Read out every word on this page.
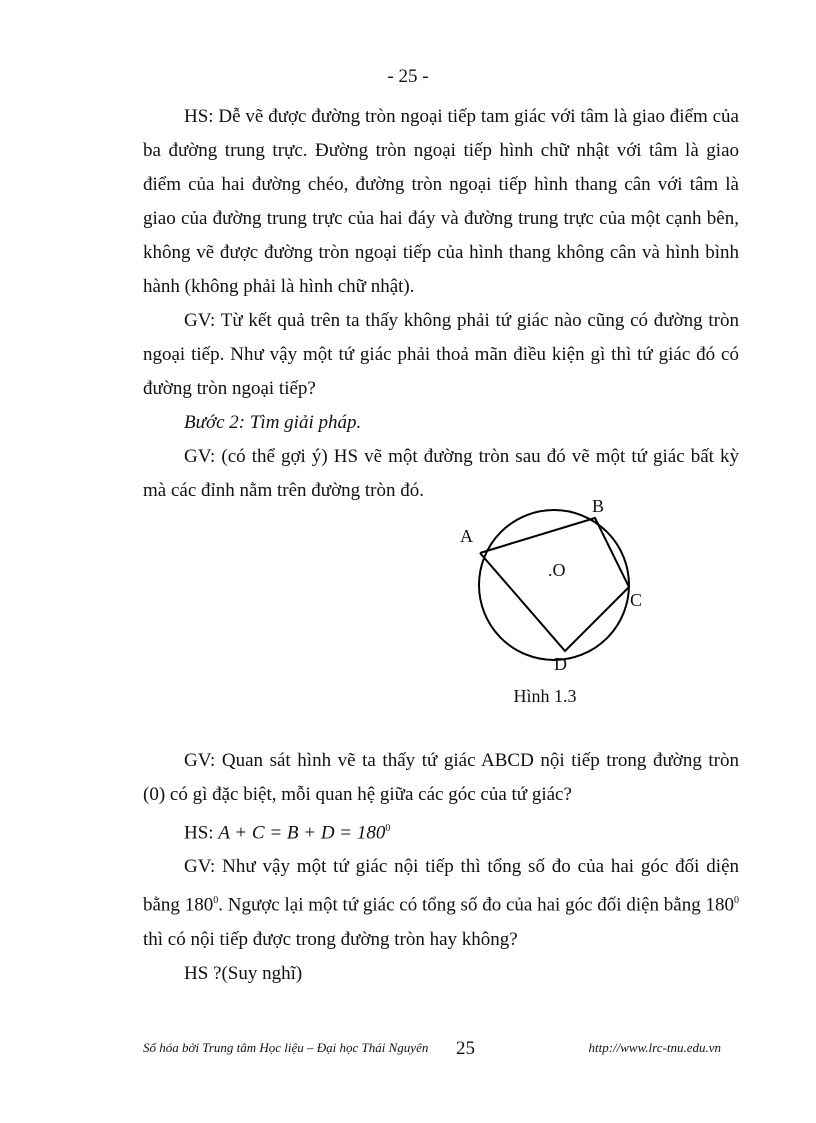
- 25 -

HS: Dễ vẽ được đường tròn ngoại tiếp tam giác với tâm là giao điểm của ba đường trung trực. Đường tròn ngoại tiếp hình chữ nhật với tâm là giao điểm của hai đường chéo, đường tròn ngoại tiếp hình thang cân với tâm là giao của đường trung trực của hai đáy và đường trung trực của một cạnh bên, không vẽ được đường tròn ngoại tiếp của hình thang không cân và hình bình hành (không phải là hình chữ nhật).

GV: Từ kết quả trên ta thấy không phải tứ giác nào cũng có đường tròn ngoại tiếp. Như vậy một tứ giác phải thoả mãn điều kiện gì thì tứ giác đó có đường tròn ngoại tiếp?

Bước 2: Tìm giải pháp.

GV: (có thể gợi ý) HS vẽ một đường tròn sau đó vẽ một tứ giác bất kỳ mà các đỉnh nằm trên đường tròn đó.

A
B
C
D
.O
Hình 1.3

GV: Quan sát hình vẽ ta thấy tứ giác ABCD nội tiếp trong đường tròn (0) có gì đặc biệt, mỗi quan hệ giữa các góc của tứ giác?

HS: $A + C = B + D = 180^0$

GV: Như vậy một tứ giác nội tiếp thì tổng số đo của hai góc đối diện bằng $180^0$. Ngược lại một tứ giác có tổng số đo của hai góc đối diện bằng $180^0$ thì có nội tiếp được trong đường tròn hay không?

HS ?(Suy nghĩ)

Số hóa bởi Trung tâm Học liệu – Đại học Thái Nguyên 25	http://www.lrc-tnu.edu.vn
